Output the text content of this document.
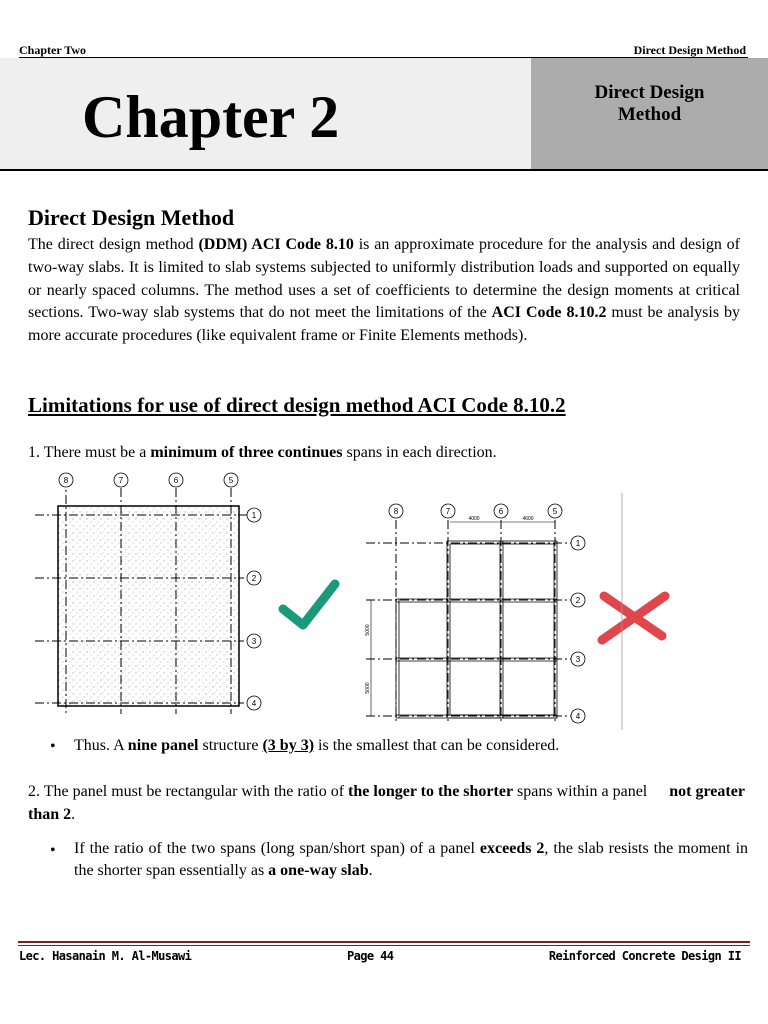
Chapter Two	Direct Design Method
Chapter 2	Direct Design
Method
Direct Design Method
The direct design method (DDM) ACI Code 8.10 is an approximate procedure for the analysis and design of two-way slabs. It is limited to slab systems subjected to uniformly distribution loads and supported on equally or nearly spaced columns. The method uses a set of coefficients to determine the design moments at critical sections. Two-way slab systems that do not meet the limitations of the ACI Code 8.10.2 must be analysis by more accurate procedures (like equivalent frame or Finite Elements methods).
Limitations for use of direct design method ACI Code 8.10.2
1. There must be a minimum of three continues spans in each direction.
8	7	6	5
1
2
3
4
8	7	6	5
1
2
3
4
4000	4600
5000
5000
• Thus. A nine panel structure (3 by 3) is the smallest that can be considered.
2. The panel must be rectangular with the ratio of the longer to the shorter spans within a panel not greater than 2.
• If the ratio of the two spans (long span/short span) of a panel exceeds 2, the slab resists the moment in the shorter span essentially as a one-way slab.
Lec. Hasanain M. Al-Musawi	Page 44	Reinforced Concrete Design II
